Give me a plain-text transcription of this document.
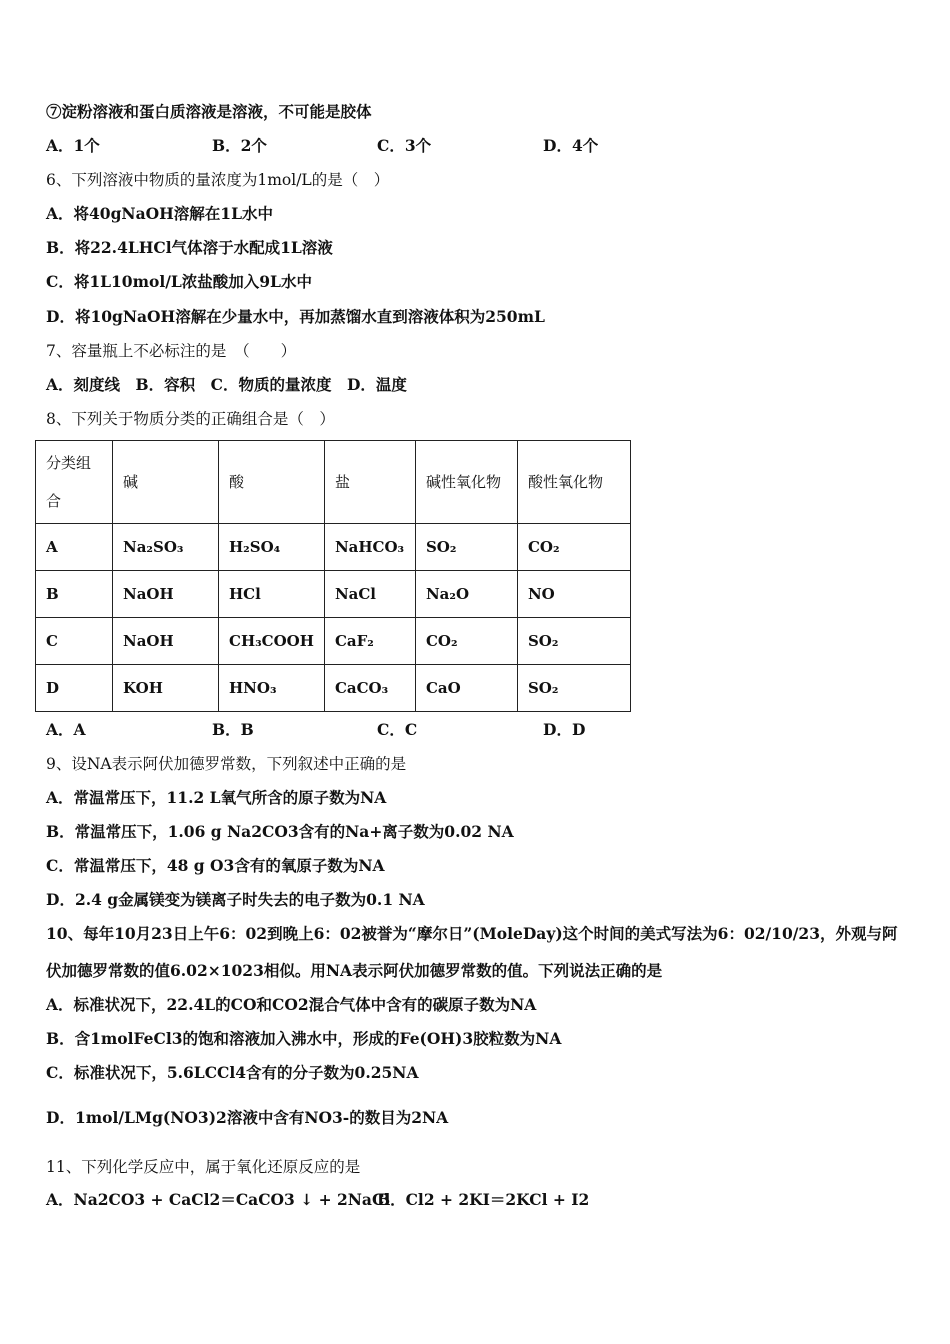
⑦淀粉溶液和蛋白质溶液是溶液，不可能是胶体
A．1个	B．2个	C．3个	D．4个
6、下列溶液中物质的量浓度为1mol/L的是（　）
A．将40gNaOH溶解在1L水中
B．将22.4LHCl气体溶于水配成1L溶液
C．将1L10mol/L浓盐酸加入9L水中
D．将10gNaOH溶解在少量水中，再加蒸馏水直到溶液体积为250mL
7、容量瓶上不必标注的是　（　　）
A．刻度线　B．容积　C．物质的量浓度　D．温度
8、下列关于物质分类的正确组合是（　）
分类组合	碱	酸	盐	碱性氧化物	酸性氧化物
A	Na₂SO₃	H₂SO₄	NaHCO₃	SO₂	CO₂
B	NaOH	HCl	NaCl	Na₂O	NO
C	NaOH	CH₃COOH	CaF₂	CO₂	SO₂
D	KOH	HNO₃	CaCO₃	CaO	SO₂
A．A	B．B	C．C	D．D
9、设NA表示阿伏加德罗常数，下列叙述中正确的是
A．常温常压下，11.2 L氧气所含的原子数为NA
B．常温常压下，1.06 g Na2CO3含有的Na+离子数为0.02 NA
C．常温常压下，48 g O3含有的氧原子数为NA
D．2.4 g金属镁变为镁离子时失去的电子数为0.1 NA
10、每年10月23日上午6：02到晚上6：02被誉为“摩尔日”(MoleDay)这个时间的美式写法为6：02/10/23，外观与阿
伏加德罗常数的值6.02×1023相似。用NA表示阿伏加德罗常数的值。下列说法正确的是
A．标准状况下，22.4L的CO和CO2混合气体中含有的碳原子数为NA
B．含1molFeCl3的饱和溶液加入沸水中，形成的Fe(OH)3胶粒数为NA
C．标准状况下，5.6LCCl4含有的分子数为0.25NA
D．1mol/LMg(NO3)2溶液中含有NO3-的数目为2NA
11、下列化学反应中，属于氧化还原反应的是
A．Na2CO3 + CaCl2＝CaCO3 ↓ + 2NaCl
B．Cl2 + 2KI＝2KCl + I2
